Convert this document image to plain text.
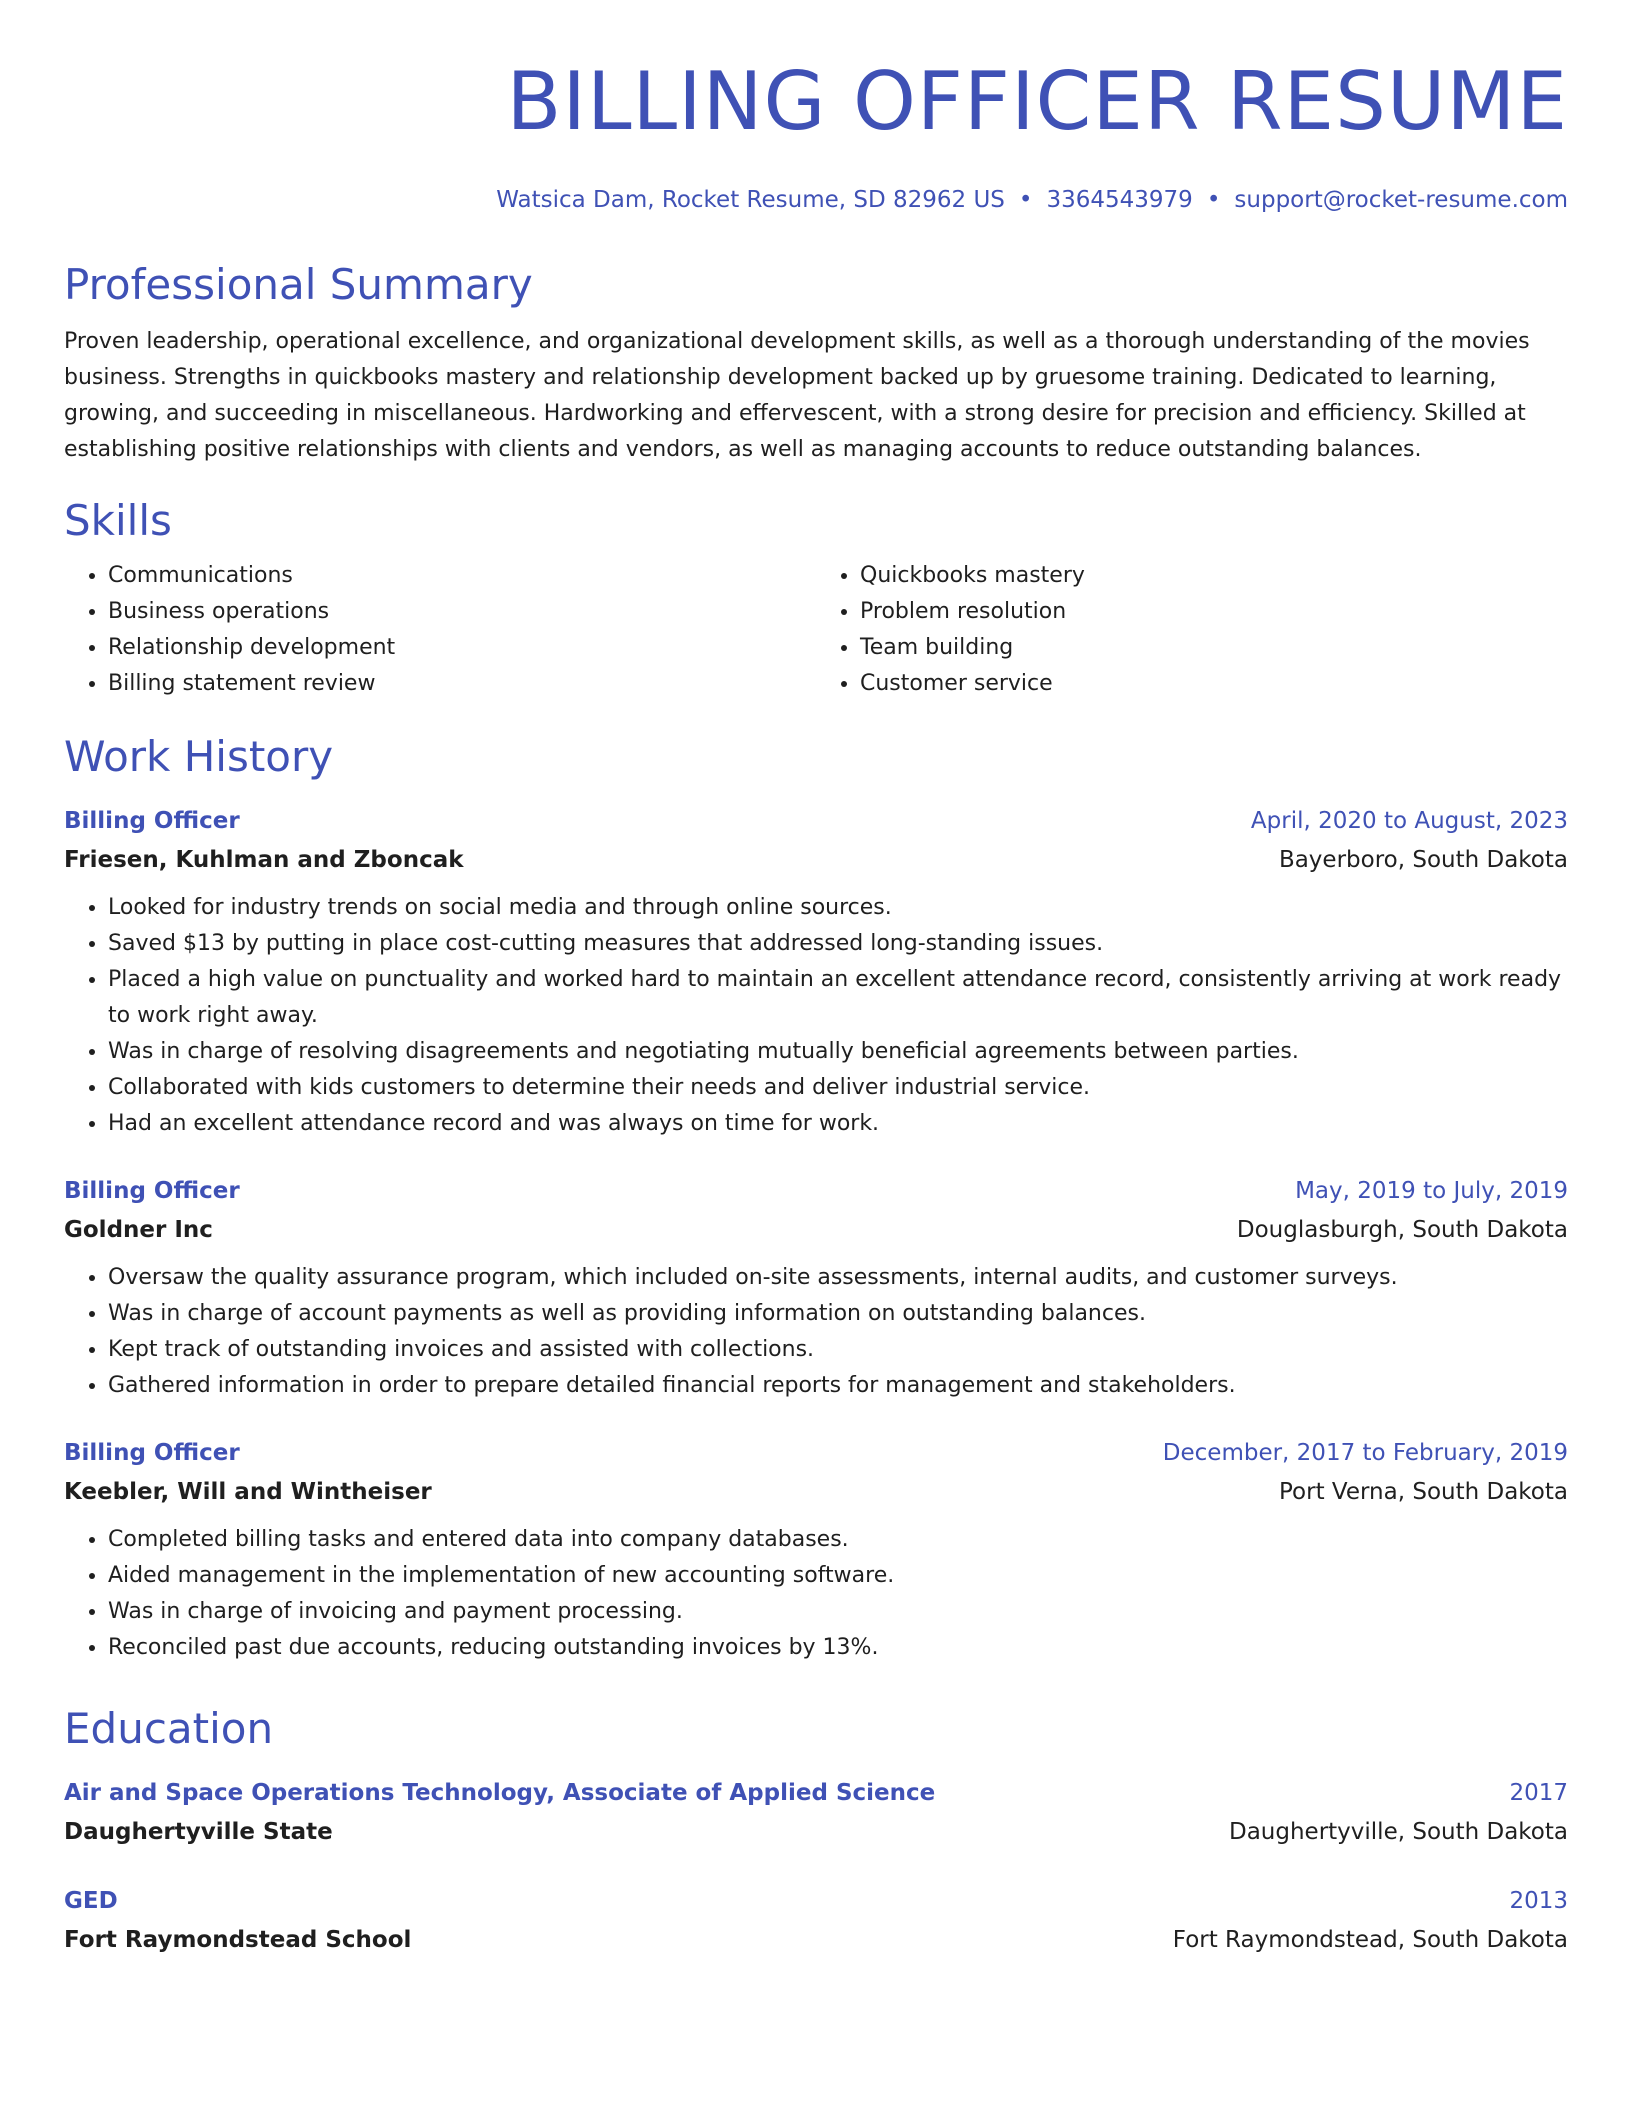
BILLING OFFICER RESUME
Watsica Dam, Rocket Resume, SD 82962 US • 3364543979 • support@rocket-resume.com
Professional Summary

Proven leadership, operational excellence, and organizational development skills, as well as a thorough understanding of the movies business. Strengths in quickbooks mastery and relationship development backed up by gruesome training. Dedicated to learning, growing, and succeeding in miscellaneous. Hardworking and effervescent, with a strong desire for precision and efficiency. Skilled at establishing positive relationships with clients and vendors, as well as managing accounts to reduce outstanding balances.

Skills
• Communications
• Business operations
• Relationship development
• Billing statement review
• Quickbooks mastery
• Problem resolution
• Team building
• Customer service
Work History
Billing Officer	April, 2020 to August, 2023
Friesen, Kuhlman and Zboncak	Bayerboro, South Dakota
• Looked for industry trends on social media and through online sources.
• Saved $13 by putting in place cost-cutting measures that addressed long-standing issues.
• Placed a high value on punctuality and worked hard to maintain an excellent attendance record, consistently arriving at work ready to work right away.
• Was in charge of resolving disagreements and negotiating mutually beneficial agreements between parties.
• Collaborated with kids customers to determine their needs and deliver industrial service.
• Had an excellent attendance record and was always on time for work.
Billing Officer	May, 2019 to July, 2019
Goldner Inc	Douglasburgh, South Dakota
• Oversaw the quality assurance program, which included on-site assessments, internal audits, and customer surveys.
• Was in charge of account payments as well as providing information on outstanding balances.
• Kept track of outstanding invoices and assisted with collections.
• Gathered information in order to prepare detailed financial reports for management and stakeholders.
Billing Officer	December, 2017 to February, 2019
Keebler, Will and Wintheiser	Port Verna, South Dakota
• Completed billing tasks and entered data into company databases.
• Aided management in the implementation of new accounting software.
• Was in charge of invoicing and payment processing.
• Reconciled past due accounts, reducing outstanding invoices by 13%.
Education
Air and Space Operations Technology, Associate of Applied Science	2017
Daughertyville State	Daughertyville, South Dakota
GED	2013
Fort Raymondstead School	Fort Raymondstead, South Dakota
